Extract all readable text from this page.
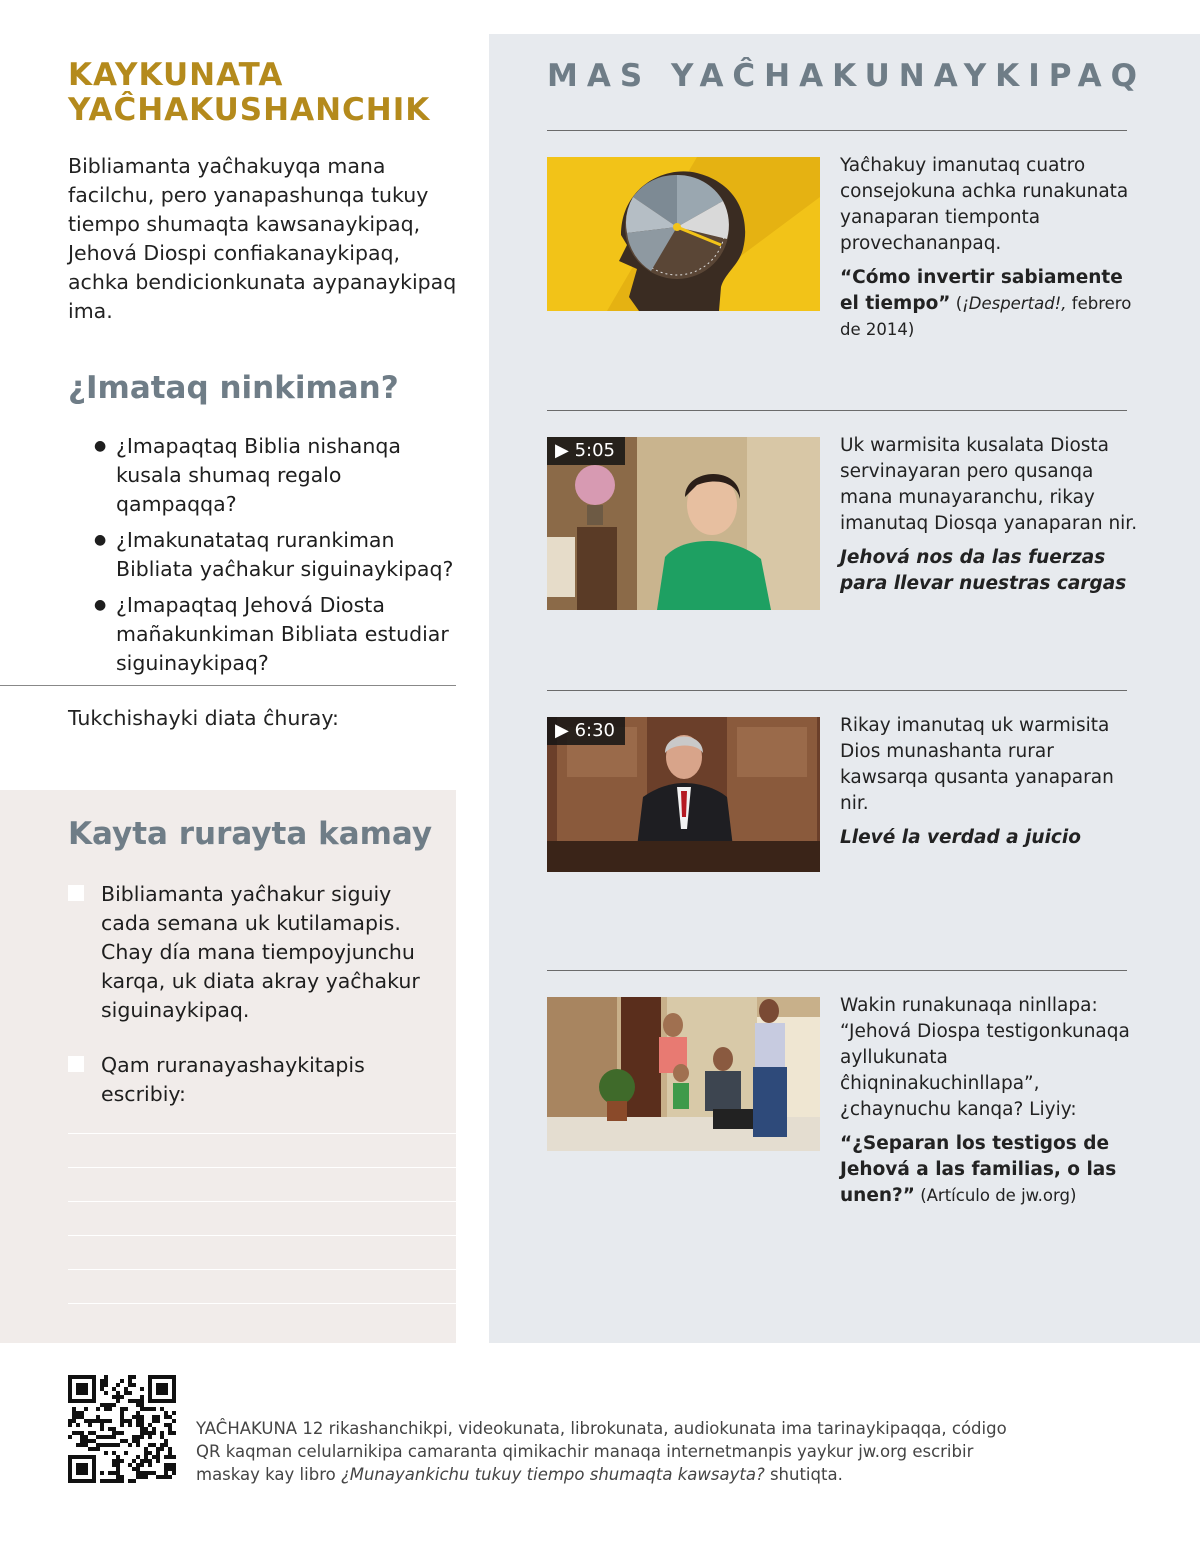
KAYKUNATA
YAĈHAKUSHANCHIK

Bibliamanta yaĉhakuyqa mana facilchu, pero yanapashunqa tukuy tiempo shumaqta kawsanaykipaq, Jehová Diospi confiakanaykipaq, achka bendicionkunata aypanaykipaq ima.

¿Imataq ninkiman?
● ¿Imapaqtaq Biblia nishanqa kusala shumaq regalo qampaqqa?
● ¿Imakunatataq rurankiman Bibliata yaĉhakur siguinaykipaq?
● ¿Imapaqtaq Jehová Diosta mañakunkiman Bibliata estudiar siguinaykipaq?
Tukchishayki diata ĉhuray:
Kayta rurayta kamay
Bibliamanta yaĉhakur siguiy cada semana uk kutilamapis. Chay día mana tiempoyjunchu karqa, uk diata akray yaĉhakur siguinaykipaq.
Qam ruranayashaykitapis escribiy:
MAS YAĈHAKUNAYKIPAQ
Yaĉhakuy imanutaq cuatro consejokuna achka runakunata yanaparan tiemponta provechananpaq.
“Cómo invertir sabiamente el tiempo” (¡Despertad!, febrero de 2014)
▶ 5:05	Uk warmisita kusalata Diosta servinayaran pero qusanqa mana munayaranchu, rikay imanutaq Diosqa yanaparan nir.
Jehová nos da las fuerzas para llevar nuestras cargas
▶ 6:30	Rikay imanutaq uk warmisita Dios munashanta rurar kawsarqa qusanta yanaparan nir.
Llevé la verdad a juicio
Wakin runakunaqa ninllapa: “Jehová Diospa testigonkunaqa ayllukunata ĉhiqninakuchinllapa”, ¿chaynuchu kanqa? Liyiy:
“¿Separan los testigos de Jehová a las familias, o las unen?” (Artículo de jw.org)

YAĈHAKUNA 12 rikashanchikpi, videokunata, librokunata, audiokunata ima tarinaykipaqqa, código QR kaqman celularnikipa camaranta qimikachir manaqa internetmanpis yaykur jw.org escribir maskay kay libro ¿Munayankichu tukuy tiempo shumaqta kawsayta? shutiqta.
